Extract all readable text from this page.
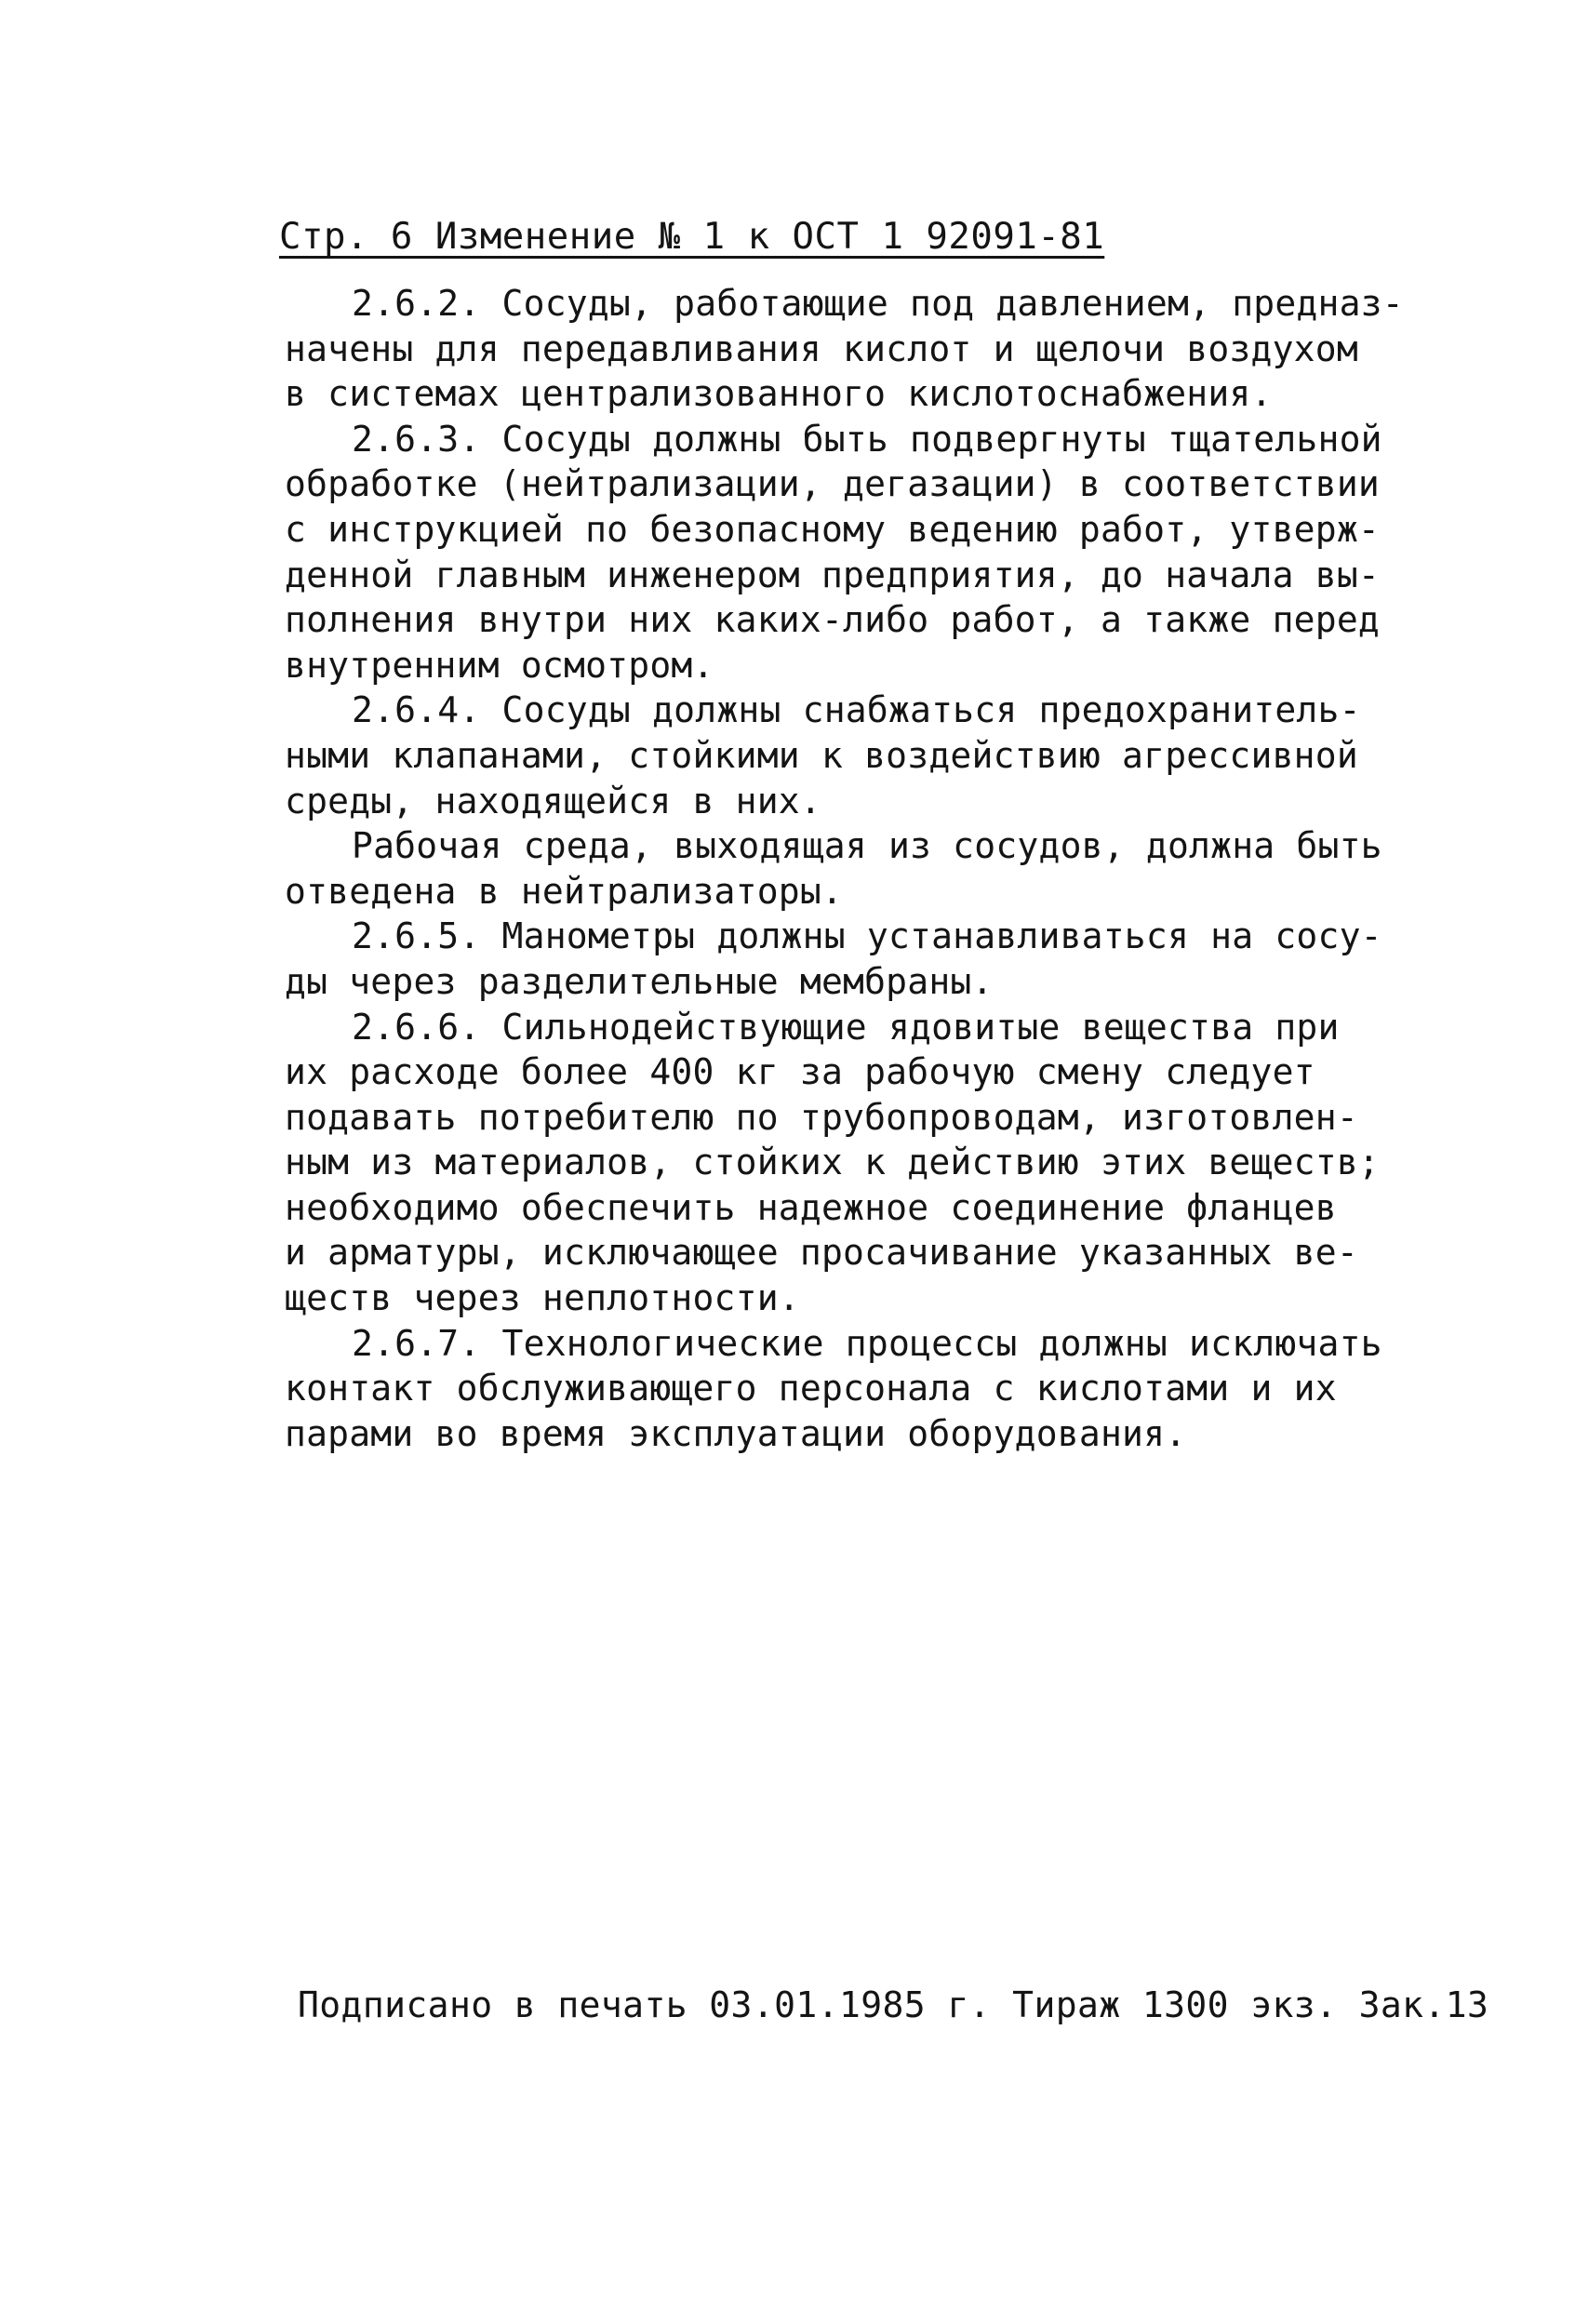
Стр. 6 Изменение № 1 к ОСТ 1 92091-81
2.6.2. Сосуды, работающие под давлением, предназ-
начены для передавливания кислот и щелочи воздухом
в системах централизованного кислотоснабжения.
2.6.3. Сосуды должны быть подвергнуты тщательной
обработке (нейтрализации, дегазации) в соответствии
с инструкцией по безопасному ведению работ, утверж-
денной главным инженером предприятия, до начала вы-
полнения внутри них каких-либо работ, а также перед
внутренним осмотром.
2.6.4. Сосуды должны снабжаться предохранитель-
ными клапанами, стойкими к воздействию агрессивной
среды, находящейся в них.
Рабочая среда, выходящая из сосудов, должна быть
отведена в нейтрализаторы.
2.6.5. Манометры должны устанавливаться на сосу-
ды через разделительные мембраны.
2.6.6. Сильнодействующие ядовитые вещества при
их расходе более 400 кг за рабочую смену следует
подавать потребителю по трубопроводам, изготовлен-
ным из материалов, стойких к действию этих веществ;
необходимо обеспечить надежное соединение фланцев
и арматуры, исключающее просачивание указанных ве-
ществ через неплотности.
2.6.7. Технологические процессы должны исключать
контакт обслуживающего персонала с кислотами и их
парами во время эксплуатации оборудования.
Подписано в печать 03.01.1985 г. Тираж 1300 экз. Зак.13
